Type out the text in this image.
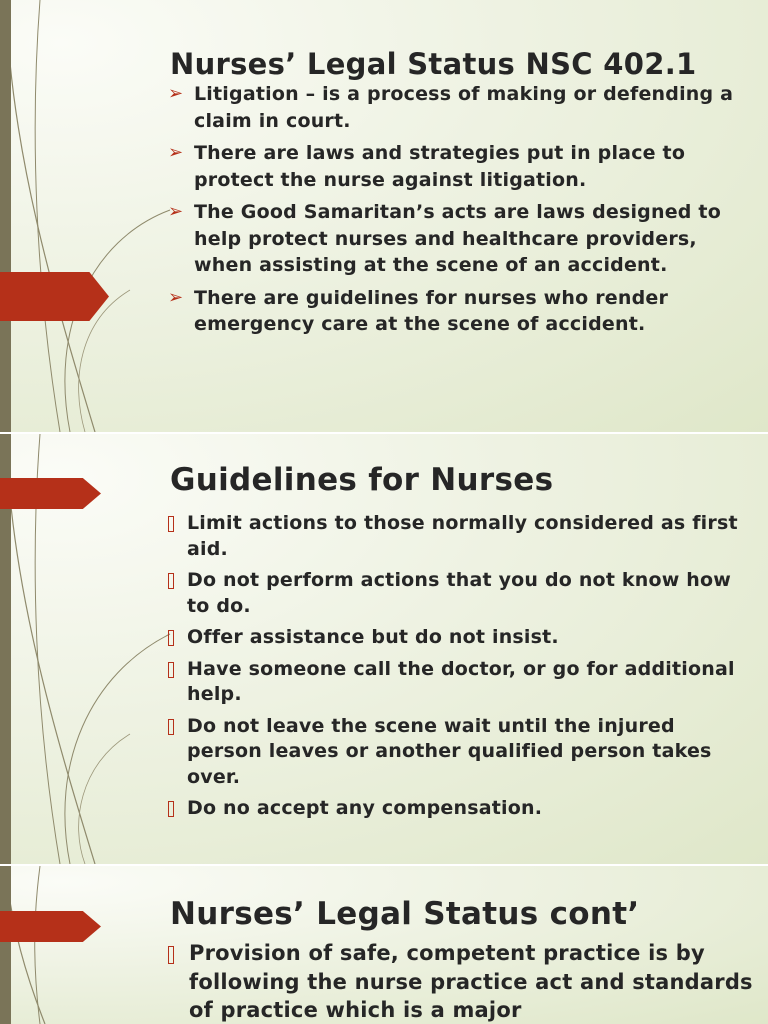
Nurses’ Legal Status NSC 402.1
➢ Litigation – is a process of making or defending a claim in court.
➢ There are laws and strategies put in place to protect the nurse against litigation.
➢ The Good Samaritan’s acts are laws designed to help protect nurses and healthcare providers, when assisting at the scene of an accident.
➢ There are guidelines for nurses who render emergency care at the scene of accident.
Guidelines for Nurses
Limit actions to those normally considered as first aid.
Do not perform actions that you do not know how to do.
Offer assistance but do not insist.
Have someone call the doctor, or go for additional help.
Do not leave the scene wait until the injured person leaves or another qualified person takes over.
Do no accept any compensation.
Nurses’ Legal Status cont’
Provision of safe, competent practice is by following the nurse practice act and standards of practice which is a major
